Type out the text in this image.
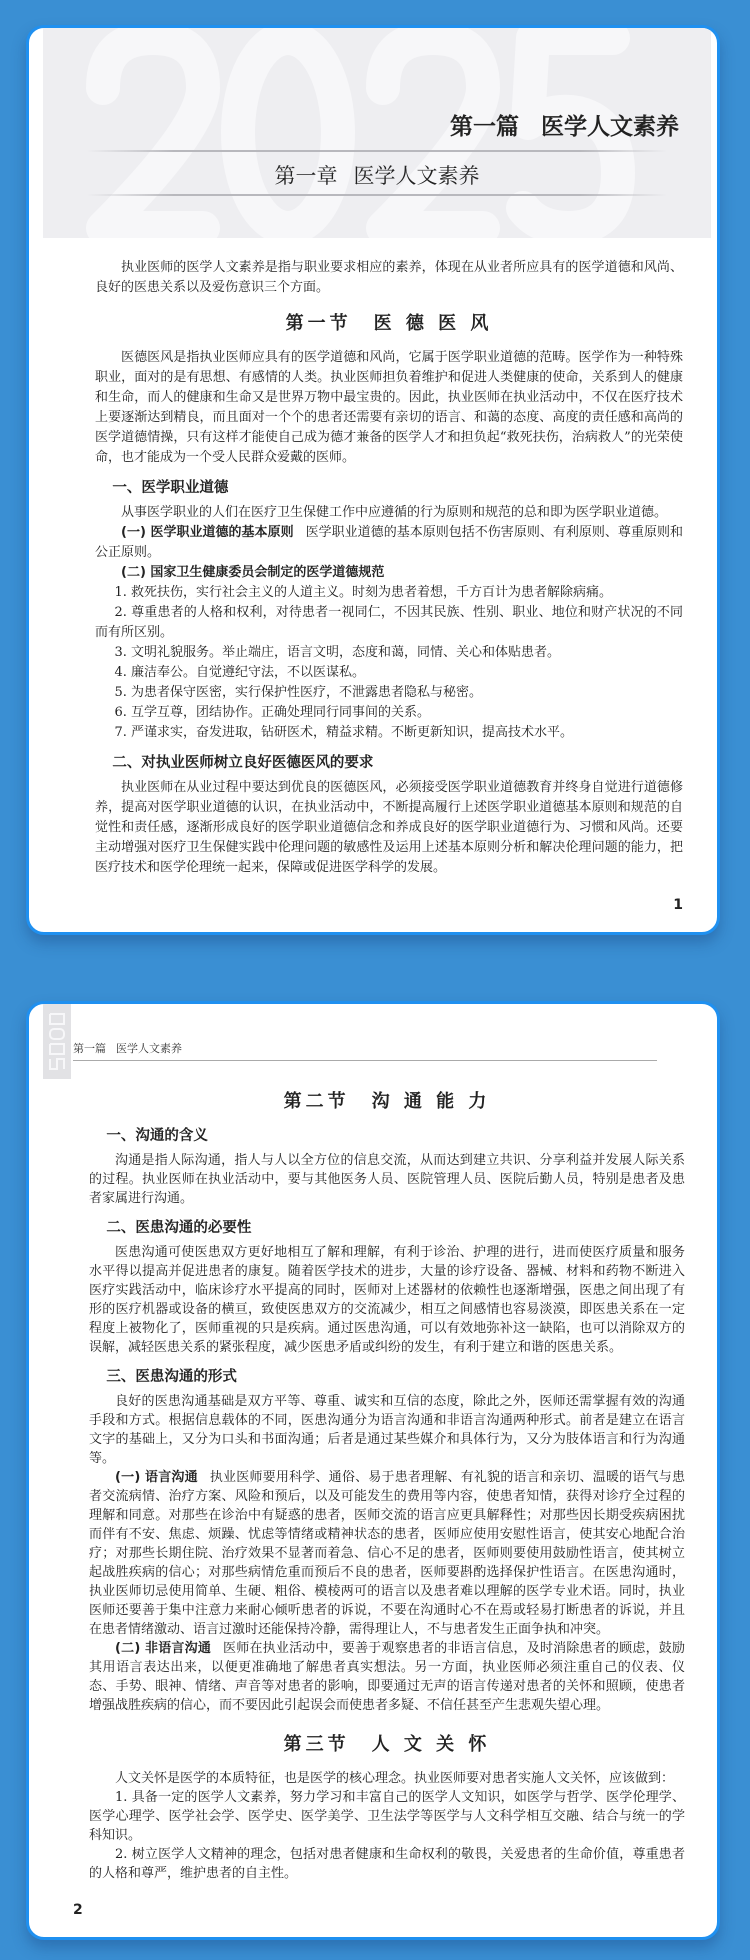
第一篇 医学人文素养
第一章 医学人文素养

执业医师的医学人文素养是指与职业要求相应的素养，体现在从业者所应具有的医学道德和风尚、良好的医患关系以及爱伤意识三个方面。

第一节　医 德 医 风

医德医风是指执业医师应具有的医学道德和风尚，它属于医学职业道德的范畴。医学作为一种特殊职业，面对的是有思想、有感情的人类。执业医师担负着维护和促进人类健康的使命，关系到人的健康和生命，而人的健康和生命又是世界万物中最宝贵的。因此，执业医师在执业活动中，不仅在医疗技术上要逐渐达到精良，而且面对一个个的患者还需要有亲切的语言、和蔼的态度、高度的责任感和高尚的医学道德情操，只有这样才能使自己成为德才兼备的医学人才和担负起“救死扶伤，治病救人”的光荣使命，也才能成为一个受人民群众爱戴的医师。

一、医学职业道德

从事医学职业的人们在医疗卫生保健工作中应遵循的行为原则和规范的总和即为医学职业道德。

(一) 医学职业道德的基本原则 医学职业道德的基本原则包括不伤害原则、有利原则、尊重原则和公正原则。

(二) 国家卫生健康委员会制定的医学道德规范

1. 救死扶伤，实行社会主义的人道主义。时刻为患者着想，千方百计为患者解除病痛。

2. 尊重患者的人格和权利，对待患者一视同仁，不因其民族、性别、职业、地位和财产状况的不同而有所区别。

3. 文明礼貌服务。举止端庄，语言文明，态度和蔼，同情、关心和体贴患者。

4. 廉洁奉公。自觉遵纪守法，不以医谋私。

5. 为患者保守医密，实行保护性医疗，不泄露患者隐私与秘密。

6. 互学互尊，团结协作。正确处理同行同事间的关系。

7. 严谨求实，奋发进取，钻研医术，精益求精。不断更新知识，提高技术水平。

二、对执业医师树立良好医德医风的要求

执业医师在从业过程中要达到优良的医德医风，必须接受医学职业道德教育并终身自觉进行道德修养，提高对医学职业道德的认识，在执业活动中，不断提高履行上述医学职业道德基本原则和规范的自觉性和责任感，逐渐形成良好的医学职业道德信念和养成良好的医学职业道德行为、习惯和风尚。还要主动增强对医疗卫生保健实践中伦理问题的敏感性及运用上述基本原则分析和解决伦理问题的能力，把医疗技术和医学伦理统一起来，保障或促进医学科学的发展。

1
第一篇 医学人文素养
第二节　沟 通 能 力
一、沟通的含义

沟通是指人际沟通，指人与人以全方位的信息交流，从而达到建立共识、分享利益并发展人际关系的过程。执业医师在执业活动中，要与其他医务人员、医院管理人员、医院后勤人员，特别是患者及患者家属进行沟通。

二、医患沟通的必要性

医患沟通可使医患双方更好地相互了解和理解，有利于诊治、护理的进行，进而使医疗质量和服务水平得以提高并促进患者的康复。随着医学技术的进步，大量的诊疗设备、器械、材料和药物不断进入医疗实践活动中，临床诊疗水平提高的同时，医师对上述器材的依赖性也逐渐增强，医患之间出现了有形的医疗机器或设备的横亘，致使医患双方的交流减少，相互之间感情也容易淡漠，即医患关系在一定程度上被物化了，医师重视的只是疾病。通过医患沟通，可以有效地弥补这一缺陷，也可以消除双方的误解，减轻医患关系的紧张程度，减少医患矛盾或纠纷的发生，有利于建立和谐的医患关系。

三、医患沟通的形式

良好的医患沟通基础是双方平等、尊重、诚实和互信的态度，除此之外，医师还需掌握有效的沟通手段和方式。根据信息载体的不同，医患沟通分为语言沟通和非语言沟通两种形式。前者是建立在语言文字的基础上，又分为口头和书面沟通；后者是通过某些媒介和具体行为，又分为肢体语言和行为沟通等。

(一) 语言沟通 执业医师要用科学、通俗、易于患者理解、有礼貌的语言和亲切、温暖的语气与患者交流病情、治疗方案、风险和预后，以及可能发生的费用等内容，使患者知情，获得对诊疗全过程的理解和同意。对那些在诊治中有疑惑的患者，医师交流的语言应更具解释性；对那些因长期受疾病困扰而伴有不安、焦虑、烦躁、忧虑等情绪或精神状态的患者，医师应使用安慰性语言，使其安心地配合治疗；对那些长期住院、治疗效果不显著而着急、信心不足的患者，医师则要使用鼓励性语言，使其树立起战胜疾病的信心；对那些病情危重而预后不良的患者，医师要斟酌选择保护性语言。在医患沟通时，执业医师切忌使用简单、生硬、粗俗、模棱两可的语言以及患者难以理解的医学专业术语。同时，执业医师还要善于集中注意力来耐心倾听患者的诉说，不要在沟通时心不在焉或轻易打断患者的诉说，并且在患者情绪激动、语言过激时还能保持冷静，需得理让人，不与患者发生正面争执和冲突。

(二) 非语言沟通 医师在执业活动中，要善于观察患者的非语言信息，及时消除患者的顾虑，鼓励其用语言表达出来，以便更准确地了解患者真实想法。另一方面，执业医师必须注重自己的仪表、仪态、手势、眼神、情绪、声音等对患者的影响，即要通过无声的语言传递对患者的关怀和照顾，使患者增强战胜疾病的信心，而不要因此引起误会而使患者多疑、不信任甚至产生悲观失望心理。

第三节　人 文 关 怀

人文关怀是医学的本质特征，也是医学的核心理念。执业医师要对患者实施人文关怀，应该做到：

1. 具备一定的医学人文素养，努力学习和丰富自己的医学人文知识，如医学与哲学、医学伦理学、医学心理学、医学社会学、医学史、医学美学、卫生法学等医学与人文科学相互交融、结合与统一的学科知识。

2. 树立医学人文精神的理念，包括对患者健康和生命权利的敬畏，关爱患者的生命价值，尊重患者的人格和尊严，维护患者的自主性。

2
